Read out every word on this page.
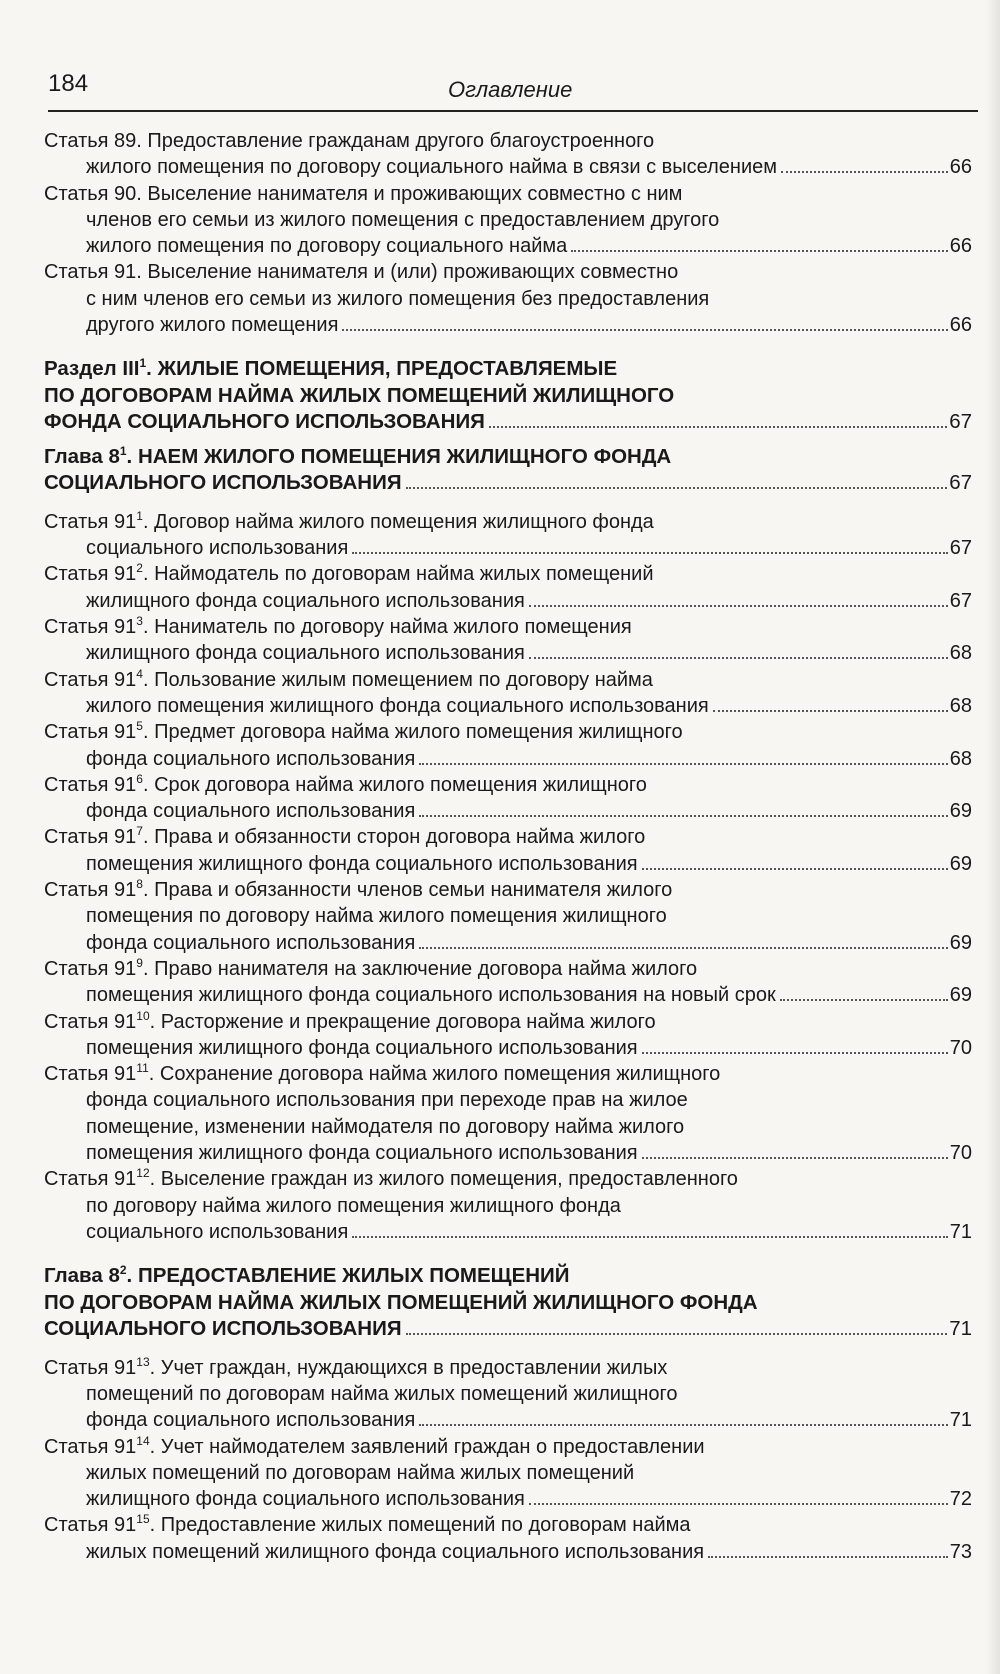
184	Оглавление
Статья 89. Предоставление гражданам другого благоустроенного
жилого помещения по договору социального найма в связи с выселением	66
Статья 90. Выселение нанимателя и проживающих совместно с ним
членов его семьи из жилого помещения с предоставлением другого
жилого помещения по договору социального найма	66
Статья 91. Выселение нанимателя и (или) проживающих совместно
с ним членов его семьи из жилого помещения без предоставления
другого жилого помещения	66
Раздел III$^1$. ЖИЛЫЕ ПОМЕЩЕНИЯ, ПРЕДОСТАВЛЯЕМЫЕ
ПО ДОГОВОРАМ НАЙМА ЖИЛЫХ ПОМЕЩЕНИЙ ЖИЛИЩНОГО
ФОНДА СОЦИАЛЬНОГО ИСПОЛЬЗОВАНИЯ	67
Глава $8^1$. НАЕМ ЖИЛОГО ПОМЕЩЕНИЯ ЖИЛИЩНОГО ФОНДА
СОЦИАЛЬНОГО ИСПОЛЬЗОВАНИЯ	67
Статья $91^1$. Договор найма жилого помещения жилищного фонда
социального использования	67
Статья $91^2$. Наймодатель по договорам найма жилых помещений
жилищного фонда социального использования	67
Статья $91^3$. Наниматель по договору найма жилого помещения
жилищного фонда социального использования	68
Статья $91^4$. Пользование жилым помещением по договору найма
жилого помещения жилищного фонда социального использования	68
Статья $91^5$. Предмет договора найма жилого помещения жилищного
фонда социального использования	68
Статья $91^6$. Срок договора найма жилого помещения жилищного
фонда социального использования	69
Статья $91^7$. Права и обязанности сторон договора найма жилого
помещения жилищного фонда социального использования	69
Статья $91^8$. Права и обязанности членов семьи нанимателя жилого
помещения по договору найма жилого помещения жилищного
фонда социального использования	69
Статья $91^9$. Право нанимателя на заключение договора найма жилого
помещения жилищного фонда социального использования на новый срок	69
Статья $91^{10}$. Расторжение и прекращение договора найма жилого
помещения жилищного фонда социального использования	70
Статья $91^{11}$. Сохранение договора найма жилого помещения жилищного
фонда социального использования при переходе прав на жилое
помещение, изменении наймодателя по договору найма жилого
помещения жилищного фонда социального использования	70
Статья $91^{12}$. Выселение граждан из жилого помещения, предоставленного
по договору найма жилого помещения жилищного фонда
социального использования	71
Глава $8^2$. ПРЕДОСТАВЛЕНИЕ ЖИЛЫХ ПОМЕЩЕНИЙ
ПО ДОГОВОРАМ НАЙМА ЖИЛЫХ ПОМЕЩЕНИЙ ЖИЛИЩНОГО ФОНДА
СОЦИАЛЬНОГО ИСПОЛЬЗОВАНИЯ	71
Статья $91^{13}$. Учет граждан, нуждающихся в предоставлении жилых
помещений по договорам найма жилых помещений жилищного
фонда социального использования	71
Статья $91^{14}$. Учет наймодателем заявлений граждан о предоставлении
жилых помещений по договорам найма жилых помещений
жилищного фонда социального использования	72
Статья $91^{15}$. Предоставление жилых помещений по договорам найма
жилых помещений жилищного фонда социального использования	73
